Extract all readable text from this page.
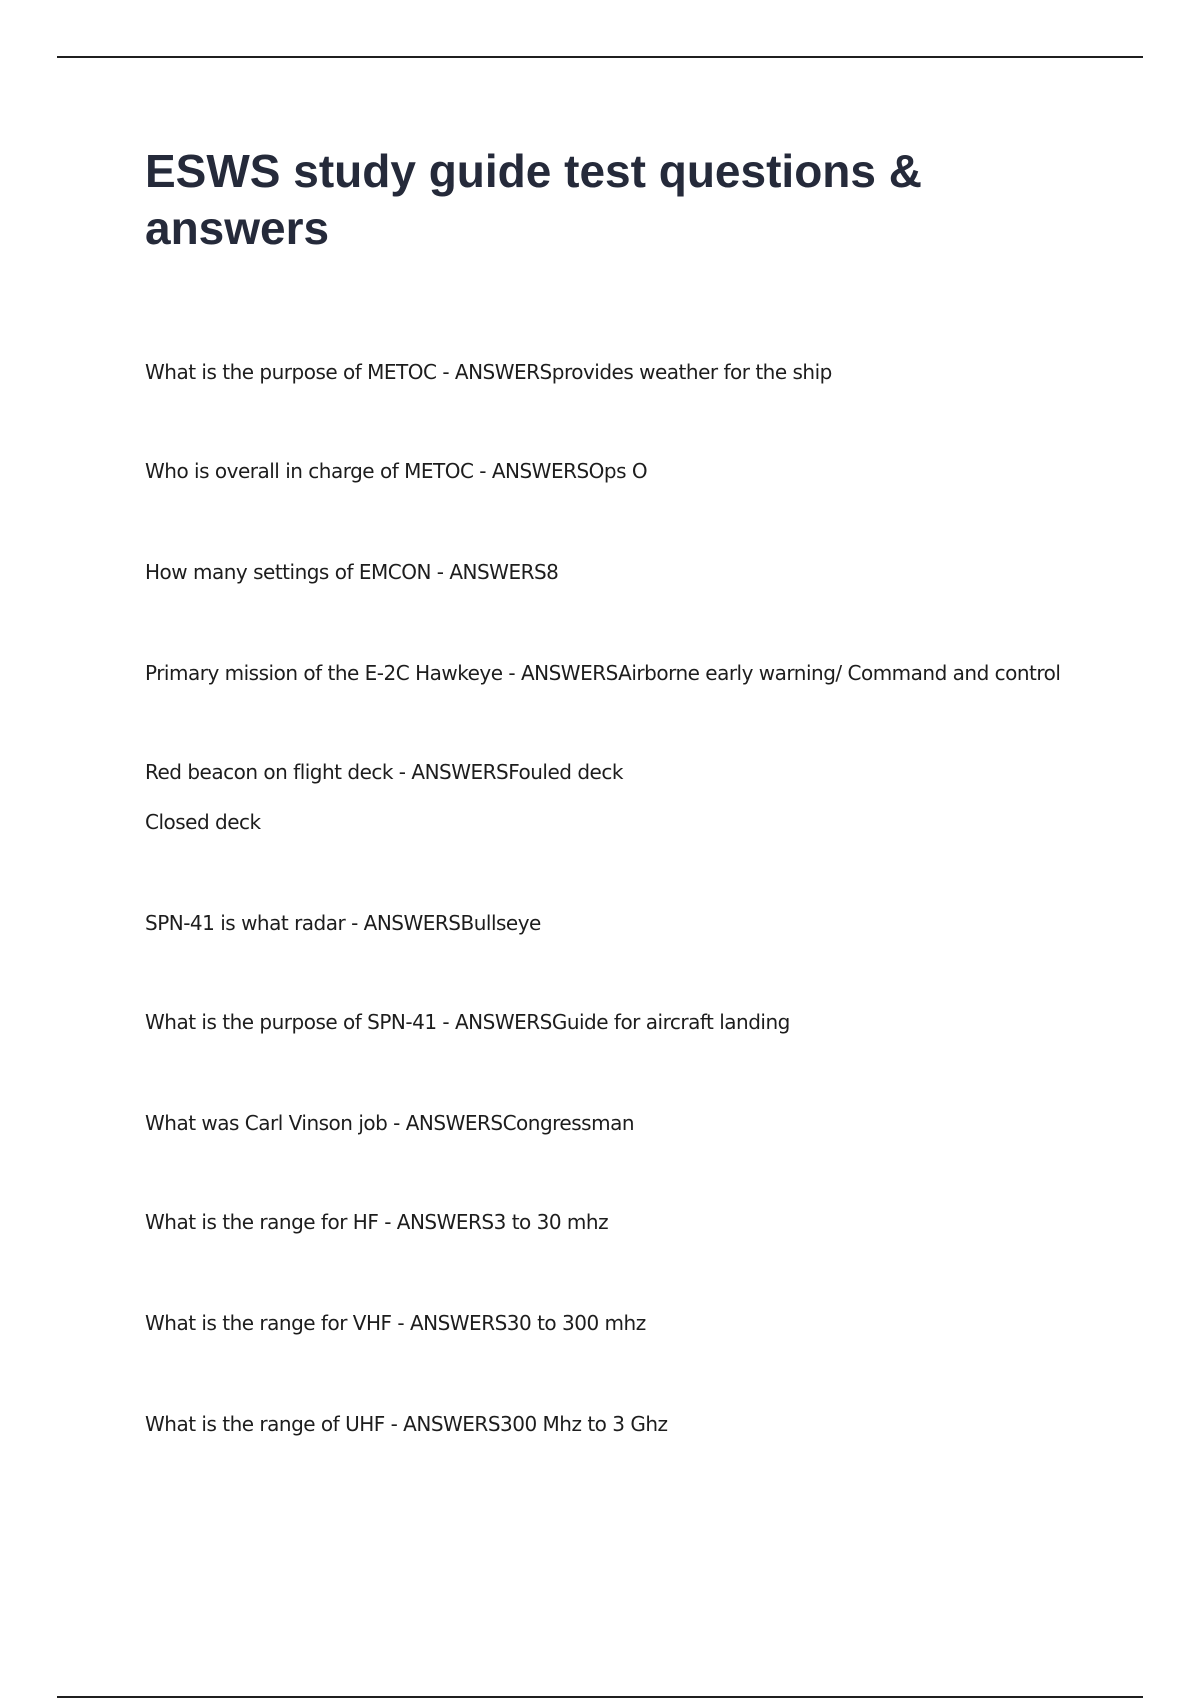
ESWS study guide test questions & answers
What is the purpose of METOC - ANSWERSprovides weather for the ship
Who is overall in charge of METOC - ANSWERSOps O
How many settings of EMCON - ANSWERS8
Primary mission of the E-2C Hawkeye - ANSWERSAirborne early warning/ Command and control
Red beacon on flight deck - ANSWERSFouled deck
Closed deck
SPN-41 is what radar - ANSWERSBullseye
What is the purpose of SPN-41 - ANSWERSGuide for aircraft landing
What was Carl Vinson job - ANSWERSCongressman
What is the range for HF - ANSWERS3 to 30 mhz
What is the range for VHF - ANSWERS30 to 300 mhz
What is the range of UHF - ANSWERS300 Mhz to 3 Ghz
